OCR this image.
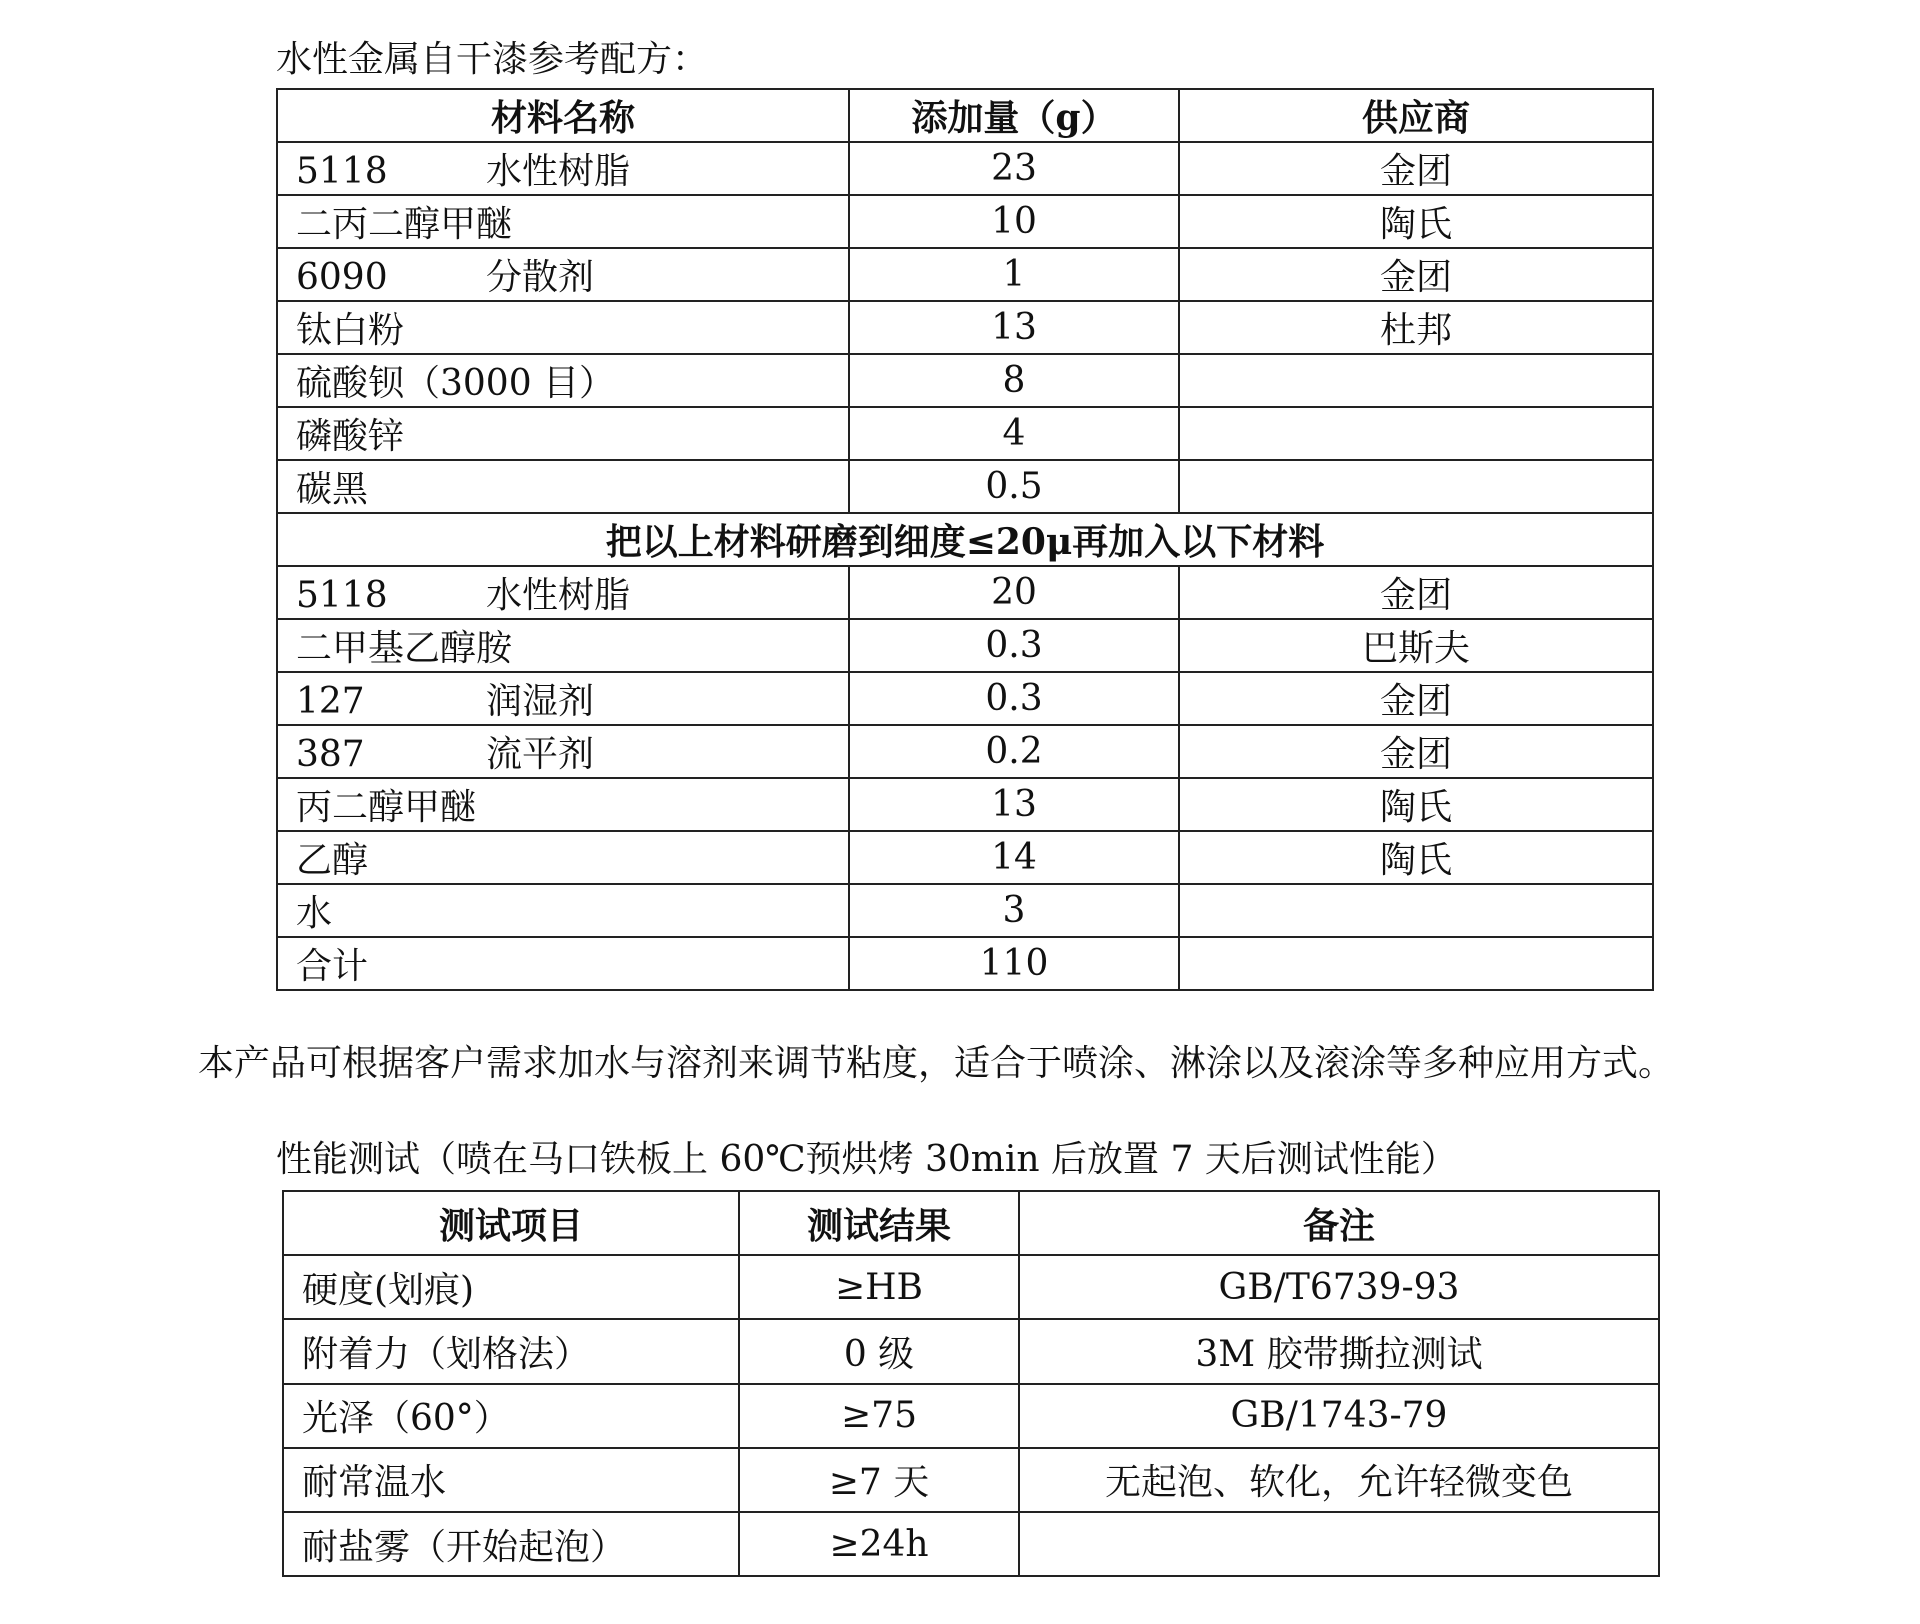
水性金属自干漆参考配方：
材料名称	添加量（g）	供应商
5118 水性树脂	23	金团
二丙二醇甲醚	10	陶氏
6090 分散剂	1	金团
钛白粉	13	杜邦
硫酸钡（3000 目）	8	
磷酸锌	4	
碳黑	0.5	
把以上材料研磨到细度≤20μ再加入以下材料		
5118 水性树脂	20	金团
二甲基乙醇胺	0.3	巴斯夫
127 润湿剂	0.3	金团
387 流平剂	0.2	金团
丙二醇甲醚	13	陶氏
乙醇	14	陶氏
水	3	
合计	110	
本产品可根据客户需求加水与溶剂来调节粘度，适合于喷涂、淋涂以及滚涂等多种应用方式。
性能测试（喷在马口铁板上 60℃预烘烤 30min 后放置 7 天后测试性能）
测试项目	测试结果	备注
硬度(划痕)	≥HB	GB/T6739-93
附着力（划格法）	0 级	3M 胶带撕拉测试
光泽（60°）	≥75	GB/1743-79
耐常温水	≥7 天	无起泡、软化，允许轻微变色
耐盐雾（开始起泡）	≥24h	
